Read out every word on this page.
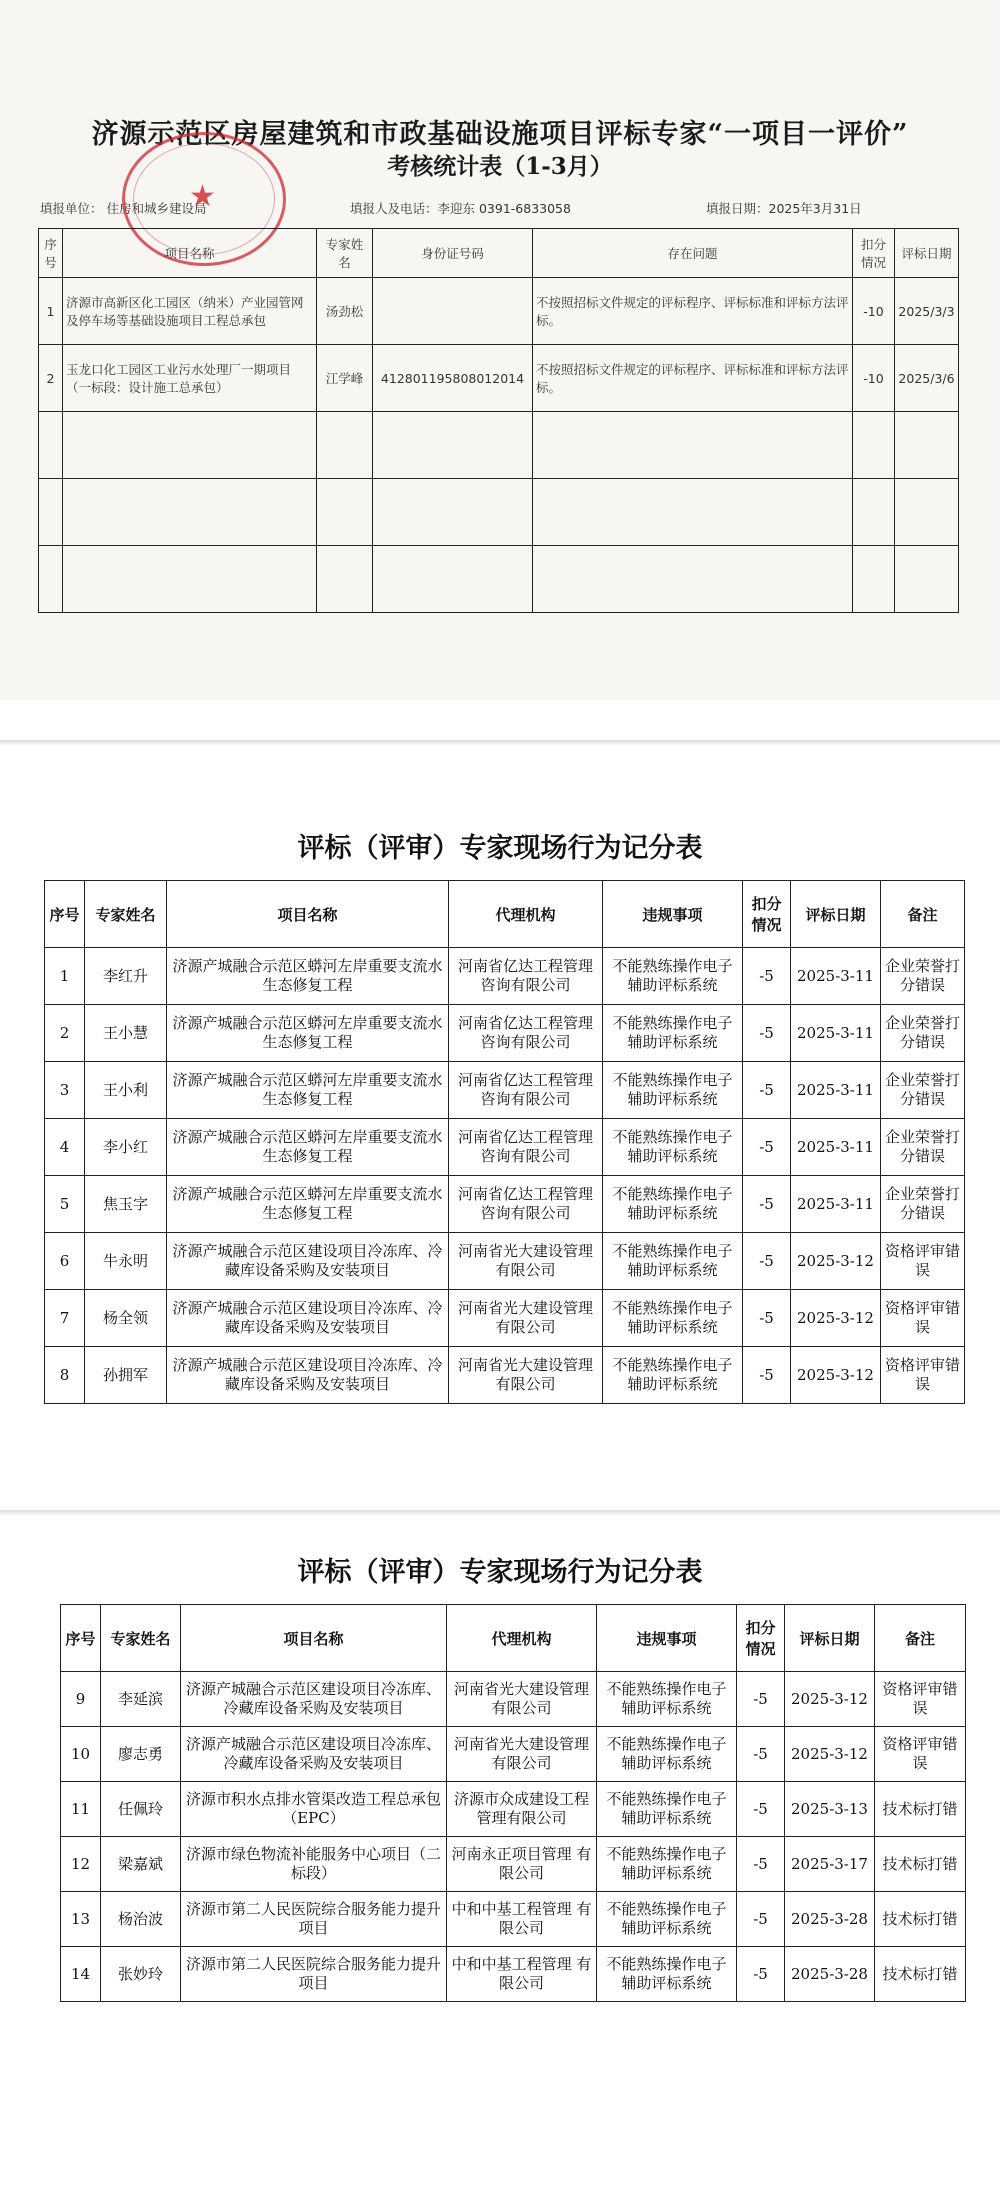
济源示范区房屋建筑和市政基础设施项目评标专家“一项目一评价”
考核统计表（1-3月）
填报单位： 住房和城乡建设局	填报人及电话：李迎东 0391-6833058	填报日期：2025年3月31日
★
序号	项目名称	专家姓名	身份证号码	存在问题	扣分情况	评标日期
1	济源市高新区化工园区（纳米）产业园管网及停车场等基础设施项目工程总承包	汤劲松		不按照招标文件规定的评标程序、评标标准和评标方法评标。	-10	2025/3/3
2	玉龙口化工园区工业污水处理厂一期项目（一标段：设计施工总承包）	江学峰	412801195808012014	不按照招标文件规定的评标程序、评标标准和评标方法评标。	-10	2025/3/6

评标（评审）专家现场行为记分表
序号	专家姓名	项目名称	代理机构	违规事项	扣分情况	评标日期	备注
1	李红升	济源产城融合示范区蟒河左岸重要支流水生态修复工程	河南省亿达工程管理 咨询有限公司	不能熟练操作电子辅助评标系统	-5	2025-3-11	企业荣誉打分错误
2	王小慧	济源产城融合示范区蟒河左岸重要支流水生态修复工程	河南省亿达工程管理 咨询有限公司	不能熟练操作电子辅助评标系统	-5	2025-3-11	企业荣誉打分错误
3	王小利	济源产城融合示范区蟒河左岸重要支流水生态修复工程	河南省亿达工程管理 咨询有限公司	不能熟练操作电子辅助评标系统	-5	2025-3-11	企业荣誉打分错误
4	李小红	济源产城融合示范区蟒河左岸重要支流水生态修复工程	河南省亿达工程管理 咨询有限公司	不能熟练操作电子辅助评标系统	-5	2025-3-11	企业荣誉打分错误
5	焦玉字	济源产城融合示范区蟒河左岸重要支流水生态修复工程	河南省亿达工程管理 咨询有限公司	不能熟练操作电子辅助评标系统	-5	2025-3-11	企业荣誉打分错误
6	牛永明	济源产城融合示范区建设项目冷冻库、冷藏库设备采购及安装项目	河南省光大建设管理 有限公司	不能熟练操作电子辅助评标系统	-5	2025-3-12	资格评审错误
7	杨全领	济源产城融合示范区建设项目冷冻库、冷藏库设备采购及安装项目	河南省光大建设管理 有限公司	不能熟练操作电子辅助评标系统	-5	2025-3-12	资格评审错误
8	孙拥军	济源产城融合示范区建设项目冷冻库、冷藏库设备采购及安装项目	河南省光大建设管理 有限公司	不能熟练操作电子辅助评标系统	-5	2025-3-12	资格评审错误
评标（评审）专家现场行为记分表
序号	专家姓名	项目名称	代理机构	违规事项	扣分情况	评标日期	备注
9	李延滨	济源产城融合示范区建设项目冷冻库、冷藏库设备采购及安装项目	河南省光大建设管理 有限公司	不能熟练操作电子辅助评标系统	-5	2025-3-12	资格评审错误
10	廖志勇	济源产城融合示范区建设项目冷冻库、冷藏库设备采购及安装项目	河南省光大建设管理 有限公司	不能熟练操作电子辅助评标系统	-5	2025-3-12	资格评审错误
11	任佩玲	济源市积水点排水管渠改造工程总承包（EPC）	济源市众成建设工程 管理有限公司	不能熟练操作电子辅助评标系统	-5	2025-3-13	技术标打错
12	梁嘉斌	济源市绿色物流补能服务中心项目（二标段）	河南永正项目管理 有限公司	不能熟练操作电子辅助评标系统	-5	2025-3-17	技术标打错
13	杨治波	济源市第二人民医院综合服务能力提升项目	中和中基工程管理 有限公司	不能熟练操作电子辅助评标系统	-5	2025-3-28	技术标打错
14	张妙玲	济源市第二人民医院综合服务能力提升项目	中和中基工程管理 有限公司	不能熟练操作电子辅助评标系统	-5	2025-3-28	技术标打错
